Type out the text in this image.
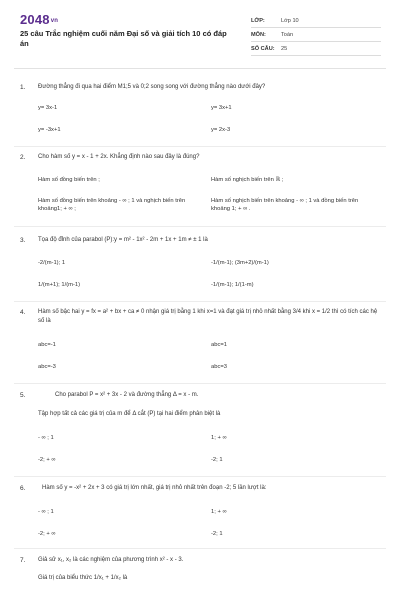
2048vn
25 câu Trắc nghiệm cuối năm Đại số và giải tích 10 có đáp án
LỚP:	Lớp 10
MÔN:	Toán
SỐ CÂU:	25
1. Đường thẳng đi qua hai điểm M1;5 và 0;2 song song với đường thẳng nào dưới đây?
y= 3x-1	y= 3x+1
y= -3x+1	y= 2x-3
2. Cho hàm số y = x - 1 + 2x. Khẳng định nào sau đây là đúng?
Hàm số đồng biến trên ;	Hàm số nghịch biến trên ℝ ;
Hàm số đồng biến trên khoảng - ∞ ; 1 và nghịch biến trên khoảng1; + ∞ ;
Hàm số nghịch biến trên khoảng - ∞ ; 1 và đồng biến trên khoảng 1; + ∞ .
3. Tọa độ đỉnh của parabol (P):y = m² - 1x² - 2m + 1x + 1m ≠ ± 1 là
-2/(m-1); 1	-1/(m-1); (3m+2)/(m-1)
1/(m+1); 1/(m-1)	-1/(m-1); 1/(1-m)
4. Hàm số bậc hai y = fx = a² + bx + ca ≠ 0 nhận giá trị bằng 1 khi x=1 và đạt giá trị nhỏ nhất bằng 3/4 khi x = 1/2 thì có tích các hệ số là
abc=-1	abc=1
abc=-3	abc=3
5.	Cho parabol P = x² + 3x - 2 và đường thẳng Δ = x - m.
Tập hợp tất cả các giá trị của m để Δ cắt (P) tại hai điểm phân biệt là
- ∞ ; 1	1; + ∞
-2; + ∞	-2; 1
6.	Hàm số y = -x² + 2x + 3 có giá trị lớn nhất, giá trị nhỏ nhất trên đoạn -2; 5 lần lượt là:
- ∞ ; 1	1; + ∞
-2; + ∞	-2; 1
7. Giả sử x₁, x₂ là các nghiệm của phương trình x² - x - 3.
Giá trị của biểu thức 1/x₁ + 1/x₂ là
